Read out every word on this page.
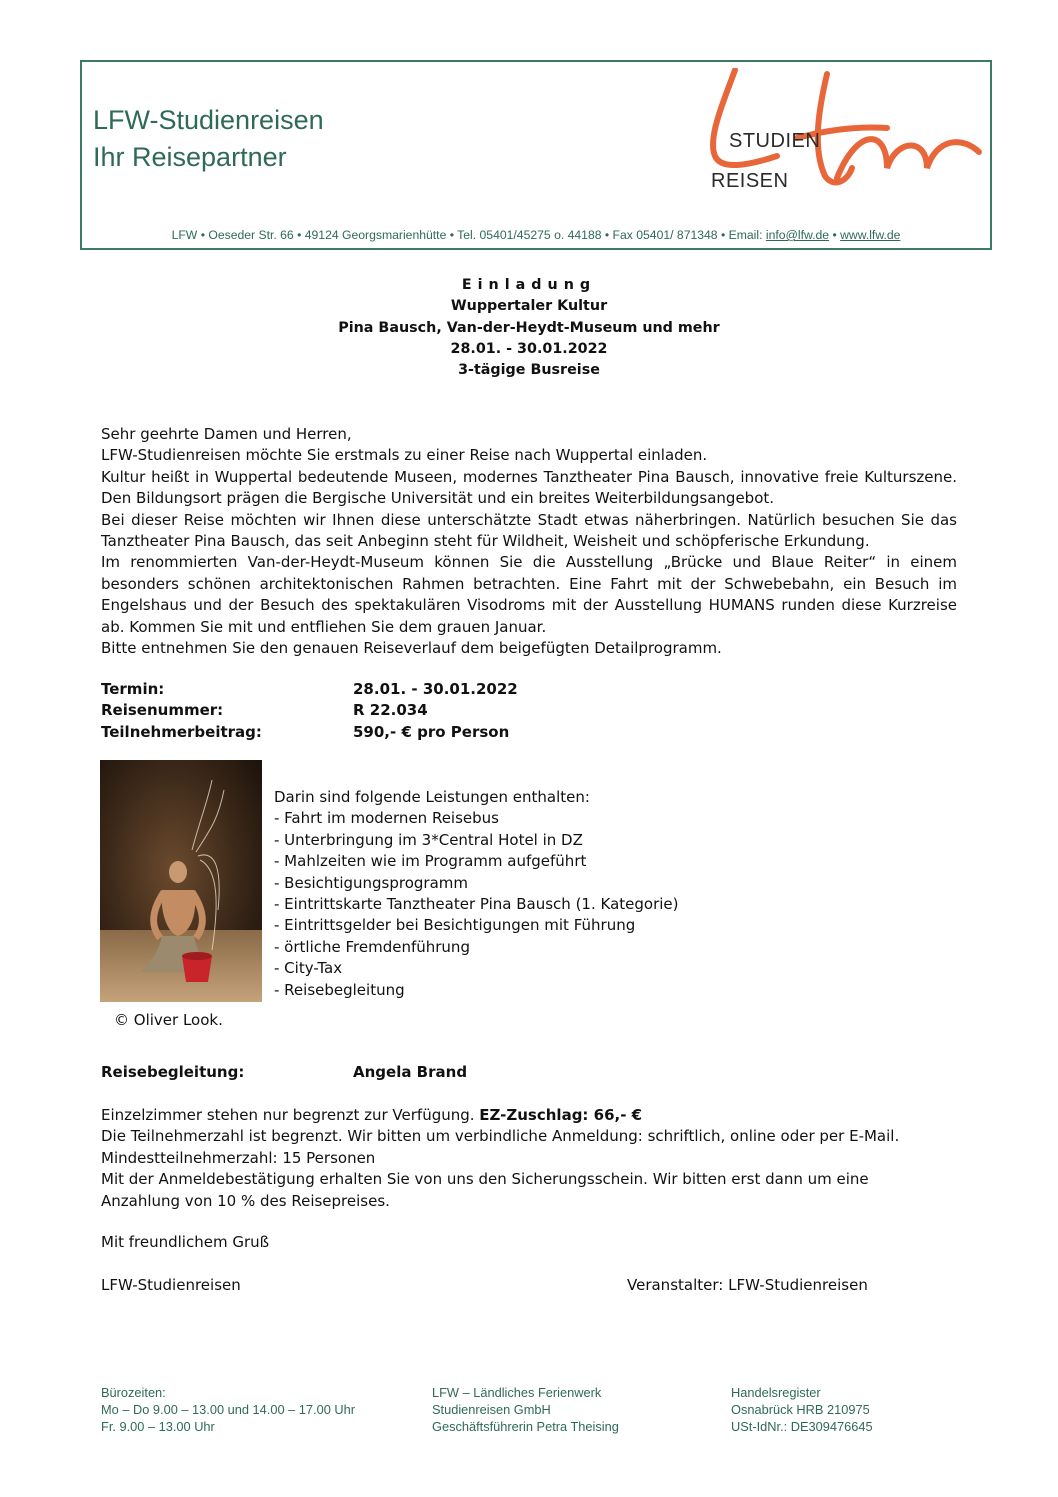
LFW-Studienreisen
Ihr Reisepartner
STUDIEN
REISEN
LFW • Oeseder Str. 66 • 49124 Georgsmarienhütte • Tel. 05401/45275 o. 44188 • Fax 05401/ 871348 • Email: info@lfw.de • www.lfw.de
Einladung
Wuppertaler Kultur
Pina Bausch, Van-der-Heydt-Museum und mehr
28.01. - 30.01.2022
3-tägige Busreise

Sehr geehrte Damen und Herren,

LFW-Studienreisen möchte Sie erstmals zu einer Reise nach Wuppertal einladen.

Kultur heißt in Wuppertal bedeutende Museen, modernes Tanztheater Pina Bausch, innovative freie Kulturszene. Den Bildungsort prägen die Bergische Universität und ein breites Weiterbildungsangebot.

Bei dieser Reise möchten wir Ihnen diese unterschätzte Stadt etwas näherbringen. Natürlich besuchen Sie das Tanztheater Pina Bausch, das seit Anbeginn steht für Wildheit, Weisheit und schöpferische Erkundung.

Im renommierten Van-der-Heydt-Museum können Sie die Ausstellung „Brücke und Blaue Reiter“ in einem besonders schönen architektonischen Rahmen betrachten. Eine Fahrt mit der Schwebebahn, ein Besuch im Engelshaus und der Besuch des spektakulären Visodroms mit der Ausstellung HUMANS runden diese Kurzreise ab. Kommen Sie mit und entfliehen Sie dem grauen Januar.

Bitte entnehmen Sie den genauen Reiseverlauf dem beigefügten Detailprogramm.

Termin:	28.01. - 30.01.2022
Reisenummer:	R 22.034
Teilnehmerbeitrag:	590,- € pro Person
© Oliver Look.
Darin sind folgende Leistungen enthalten:
- Fahrt im modernen Reisebus
- Unterbringung im 3*Central Hotel in DZ
- Mahlzeiten wie im Programm aufgeführt
- Besichtigungsprogramm
- Eintrittskarte Tanztheater Pina Bausch (1. Kategorie)
- Eintrittsgelder bei Besichtigungen mit Führung
- örtliche Fremdenführung
- City-Tax
- Reisebegleitung
Reisebegleitung:	Angela Brand
Einzelzimmer stehen nur begrenzt zur Verfügung. EZ-Zuschlag: 66,- €
Die Teilnehmerzahl ist begrenzt. Wir bitten um verbindliche Anmeldung: schriftlich, online oder per E-Mail.
Mindestteilnehmerzahl: 15 Personen
Mit der Anmeldebestätigung erhalten Sie von uns den Sicherungsschein. Wir bitten erst dann um eine
Anzahlung von 10 % des Reisepreises.
Mit freundlichem Gruß
LFW-Studienreisen	Veranstalter: LFW-Studienreisen
Bürozeiten:
Mo – Do 9.00 – 13.00 und 14.00 – 17.00 Uhr
Fr. 9.00 – 13.00 Uhr
LFW – Ländliches Ferienwerk
Studienreisen GmbH
Geschäftsführerin Petra Theising
Handelsregister
Osnabrück HRB 210975
USt-IdNr.: DE309476645
